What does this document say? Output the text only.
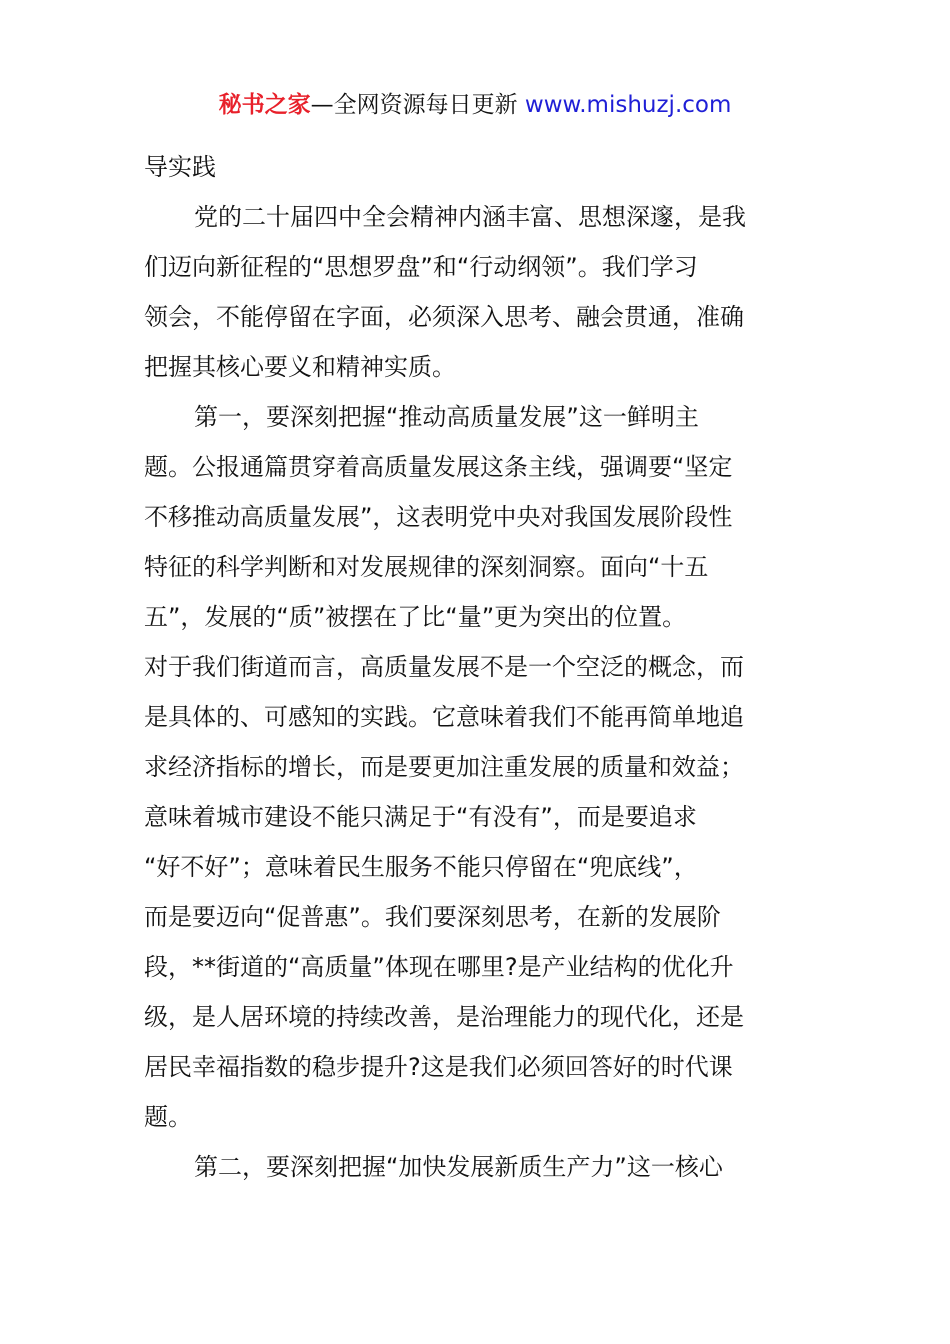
秘书之家—全网资源每日更新 www.mishuzj.com
导实践
党的二十届四中全会精神内涵丰富、思想深邃，是我
们迈向新征程的“思想罗盘”和“行动纲领”。我们学习
领会，不能停留在字面，必须深入思考、融会贯通，准确
把握其核心要义和精神实质。
第一，要深刻把握“推动高质量发展”这一鲜明主
题。公报通篇贯穿着高质量发展这条主线，强调要“坚定
不移推动高质量发展”，这表明党中央对我国发展阶段性
特征的科学判断和对发展规律的深刻洞察。面向“十五
五”，发展的“质”被摆在了比“量”更为突出的位置。
对于我们街道而言，高质量发展不是一个空泛的概念，而
是具体的、可感知的实践。它意味着我们不能再简单地追
求经济指标的增长，而是要更加注重发展的质量和效益；
意味着城市建设不能只满足于“有没有”，而是要追求
“好不好”；意味着民生服务不能只停留在“兜底线”，
而是要迈向“促普惠”。我们要深刻思考，在新的发展阶
段，**街道的“高质量”体现在哪里?是产业结构的优化升
级，是人居环境的持续改善，是治理能力的现代化，还是
居民幸福指数的稳步提升?这是我们必须回答好的时代课
题。
第二，要深刻把握“加快发展新质生产力”这一核心
